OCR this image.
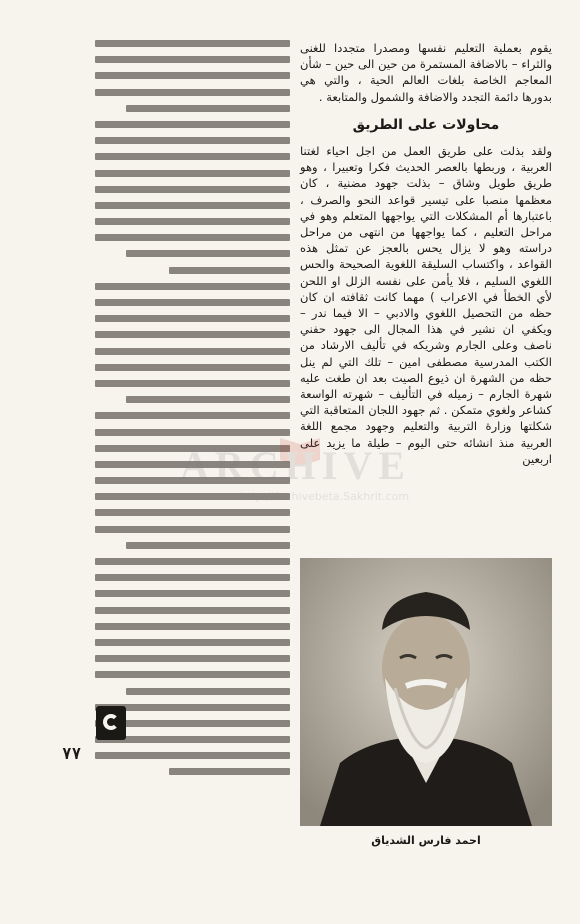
يقوم بعملية التعليم نفسها ومصدرا متجددا للغنى والثراء – بالاضافة المستمرة من حين الى حين – شأن المعاجم الخاصة بلغات العالم الحية ، والتي هي بدورها دائمة التجدد والاضافة والشمول والمتابعة .

محاولات على الطريق

ولقد بذلت على طريق العمل من اجل احياء لغتنا العربية ، وربطها بالعصر الحديث فكرا وتعبيرا ، وهو طريق طويل وشاق – بذلت جهود مضنية ، كان معظمها منصبا على تيسير قواعد النحو والصرف ، باعتبارها أم المشكلات التي يواجهها المتعلم وهو في مراحل التعليم ، كما يواجهها من انتهى من مراحل دراسته وهو لا يزال يحس بالعجز عن تمثل هذه القواعد ، واكتساب السليقة اللغوية الصحيحة والحس اللغوي السليم ، فلا يأمن على نفسه الزلل او اللحن لأي الخطأ في الاعراب ) مهما كانت ثقافته ان كان حظه من التحصيل اللغوي والادبي – الا فيما ندر – ويكفي ان نشير في هذا المجال الى جهود حفني ناصف وعلى الجارم وشريكه في تأليف الارشاد من الكتب المدرسية مصطفى امين – تلك التي لم ينل حظه من الشهرة ان ذيوع الصيت بعد ان طغت عليه شهرة الجارم – زميله في التأليف – شهرته الواسعة كشاعر ولغوي متمكن . ثم جهود اللجان المتعاقبة التي شكلتها وزارة التربية والتعليم وجهود مجمع اللغة العربية منذ انشائه حتى اليوم – طيلة ما يزيد على اربعين

احمد فارس الشدياق
٧٧
ARCHIVE
http://Archivebeta.Sakhrit.com
